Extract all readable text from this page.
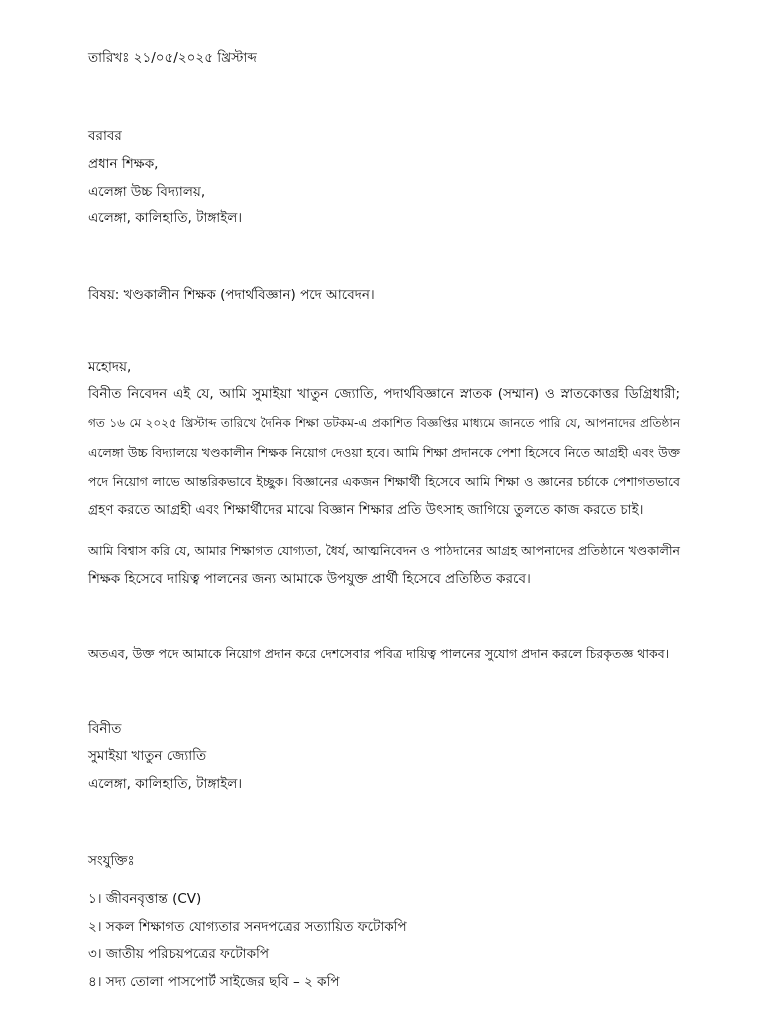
তারিখঃ ২১/০৫/২০২৫ খ্রিস্টাব্দ
বরাবর
প্রধান শিক্ষক,
এলেঙ্গা উচ্চ বিদ্যালয়,
এলেঙ্গা, কালিহাতি, টাঙ্গাইল।
বিষয়: খণ্ডকালীন শিক্ষক (পদার্থবিজ্ঞান) পদে আবেদন।
মহোদয়,
বিনীত নিবেদন এই যে, আমি সুমাইয়া খাতুন জ্যোতি, পদার্থবিজ্ঞানে স্নাতক (সম্মান) ও স্নাতকোত্তর ডিগ্রিধারী;
গত ১৬ মে ২০২৫ খ্রিস্টাব্দ তারিখে দৈনিক শিক্ষা ডটকম-এ প্রকাশিত বিজ্ঞপ্তির মাধ্যমে জানতে পারি যে, আপনাদের প্রতিষ্ঠান
এলেঙ্গা উচ্চ বিদ্যালয়ে খণ্ডকালীন শিক্ষক নিয়োগ দেওয়া হবে। আমি শিক্ষা প্রদানকে পেশা হিসেবে নিতে আগ্রহী এবং উক্ত
পদে নিয়োগ লাভে আন্তরিকভাবে ইচ্ছুক। বিজ্ঞানের একজন শিক্ষার্থী হিসেবে আমি শিক্ষা ও জ্ঞানের চর্চাকে পেশাগতভাবে
গ্রহণ করতে আগ্রহী এবং শিক্ষার্থীদের মাঝে বিজ্ঞান শিক্ষার প্রতি উৎসাহ জাগিয়ে তুলতে কাজ করতে চাই।
আমি বিশ্বাস করি যে, আমার শিক্ষাগত যোগ্যতা, ধৈর্য, আত্মনিবেদন ও পাঠদানের আগ্রহ আপনাদের প্রতিষ্ঠানে খণ্ডকালীন
শিক্ষক হিসেবে দায়িত্ব পালনের জন্য আমাকে উপযুক্ত প্রার্থী হিসেবে প্রতিষ্ঠিত করবে।
অতএব, উক্ত পদে আমাকে নিয়োগ প্রদান করে দেশসেবার পবিত্র দায়িত্ব পালনের সুযোগ প্রদান করলে চিরকৃতজ্ঞ থাকব।
বিনীত
সুমাইয়া খাতুন জ্যোতি
এলেঙ্গা, কালিহাতি, টাঙ্গাইল।
সংযুক্তিঃ
১। জীবনবৃত্তান্ত (CV)
২। সকল শিক্ষাগত যোগ্যতার সনদপত্রের সত্যায়িত ফটোকপি
৩। জাতীয় পরিচয়পত্রের ফটোকপি
৪। সদ্য তোলা পাসপোর্ট সাইজের ছবি – ২ কপি
